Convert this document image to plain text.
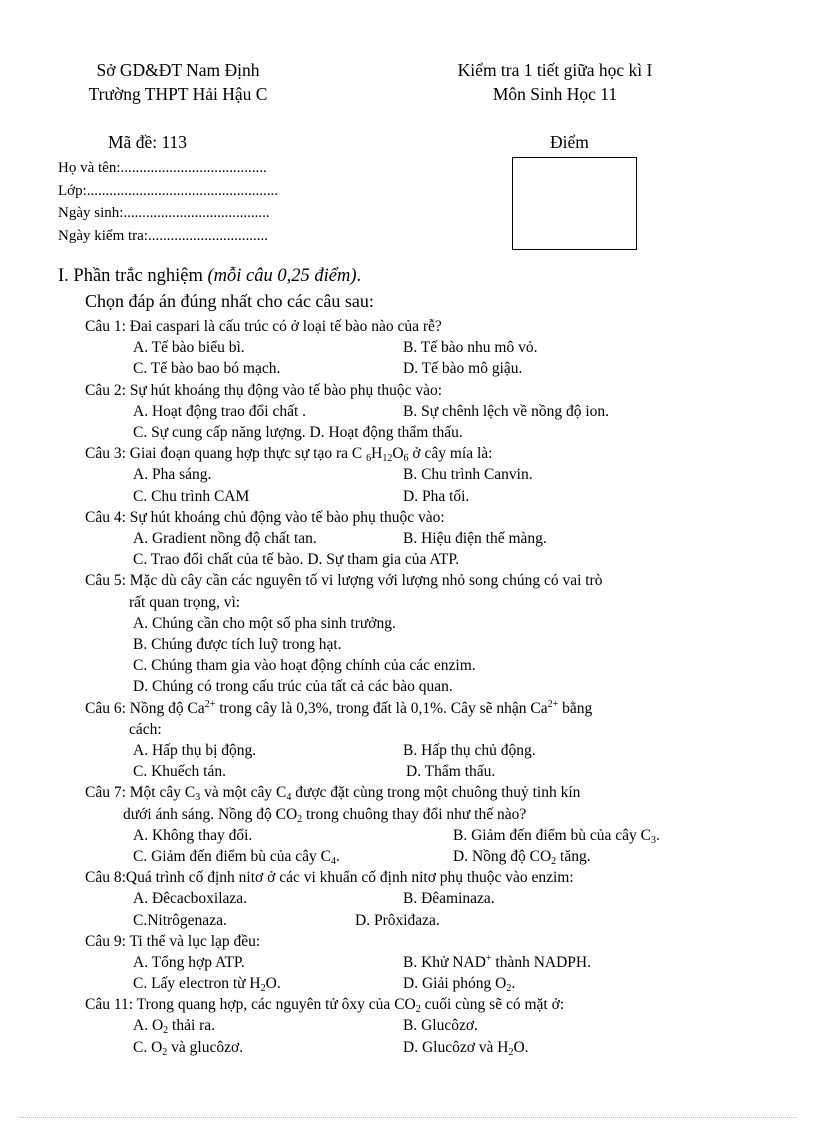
Sở GD&ĐT Nam Định
Trường THPT Hải Hậu C
Kiểm tra 1 tiết giữa học kì I
Môn Sinh Học 11
Mã đề: 113	Điểm
Họ và tên:.......................................
Lớp:...................................................
Ngày sinh:.......................................
Ngày kiểm tra:................................
I. Phần trắc nghiệm (mỗi câu 0,25 điểm).
Chọn đáp án đúng nhất cho các câu sau:
Câu 1: Đai caspari là cấu trúc có ở loại tế bào nào của rễ?
A. Tế bào biểu bì.	B. Tế bào nhu mô vỏ.
C. Tế bào bao bó mạch.	D. Tế bào mô giậu.
Câu 2: Sự hút khoáng thụ động vào tế bào phụ thuộc vào:
A. Hoạt động trao đổi chất .	B. Sự chênh lệch về nồng độ ion.
C. Sự cung cấp năng lượng. D. Hoạt động thẩm thấu.
Câu 3: Giai đoạn quang hợp thực sự tạo ra C $_6H_{12}O_6$ ở cây mía là:
A. Pha sáng.	B. Chu trình Canvin.
C. Chu trình CAM	D. Pha tối.
Câu 4: Sự hút khoáng chủ động vào tế bào phụ thuộc vào:
A. Gradient nồng độ chất tan.	B. Hiệu điện thế màng.
C. Trao đổi chất của tế bào. D. Sự tham gia của ATP.
Câu 5: Mặc dù cây cần các nguyên tố vi lượng với lượng nhỏ song chúng có vai trò
rất quan trọng, vì:
A. Chúng cần cho một số pha sinh trưởng.
B. Chúng được tích luỹ trong hạt.
C. Chúng tham gia vào hoạt động chính của các enzim.
D. Chúng có trong cấu trúc của tất cả các bào quan.
Câu 6: Nồng độ $Ca^{2+}$ trong cây là 0,3%, trong đất là 0,1%. Cây sẽ nhận $Ca^{2+}$ bằng
cách:
A. Hấp thụ bị động.	B. Hấp thụ chủ động.
C. Khuếch tán.	D. Thẩm thấu.
Câu 7: Một cây $C_3$ và một cây $C_4$ được đặt cùng trong một chuông thuỷ tinh kín
dưới ánh sáng. Nồng độ $CO_2$ trong chuông thay đổi như thế nào?
A. Không thay đổi.	B. Giảm đến điểm bù của cây $C_3$.
C. Giảm đến điểm bù của cây $C_4$.	D. Nồng độ $CO_2$ tăng.
Câu 8:Quá trình cố định nitơ ở các vi khuẩn cố định nitơ phụ thuộc vào enzim:
A. Đêcacboxilaza.	B. Đêaminaza.
C.Nitrôgenaza.	D. Prôxiđaza.
Câu 9: Ti thể và lục lạp đều:
A. Tổng hợp ATP.	B. Khử NAD+ thành NADPH.
C. Lấy electron từ $H_2O$.	D. Giải phóng $O_2$.
Câu 11: Trong quang hợp, các nguyên tử ôxy của $CO_2$ cuối cùng sẽ có mặt ở:
A. $O_2$ thải ra.	B. Glucôzơ.
C. $O_2$ và glucôzơ.	D. Glucôzơ và $H_2O$.
